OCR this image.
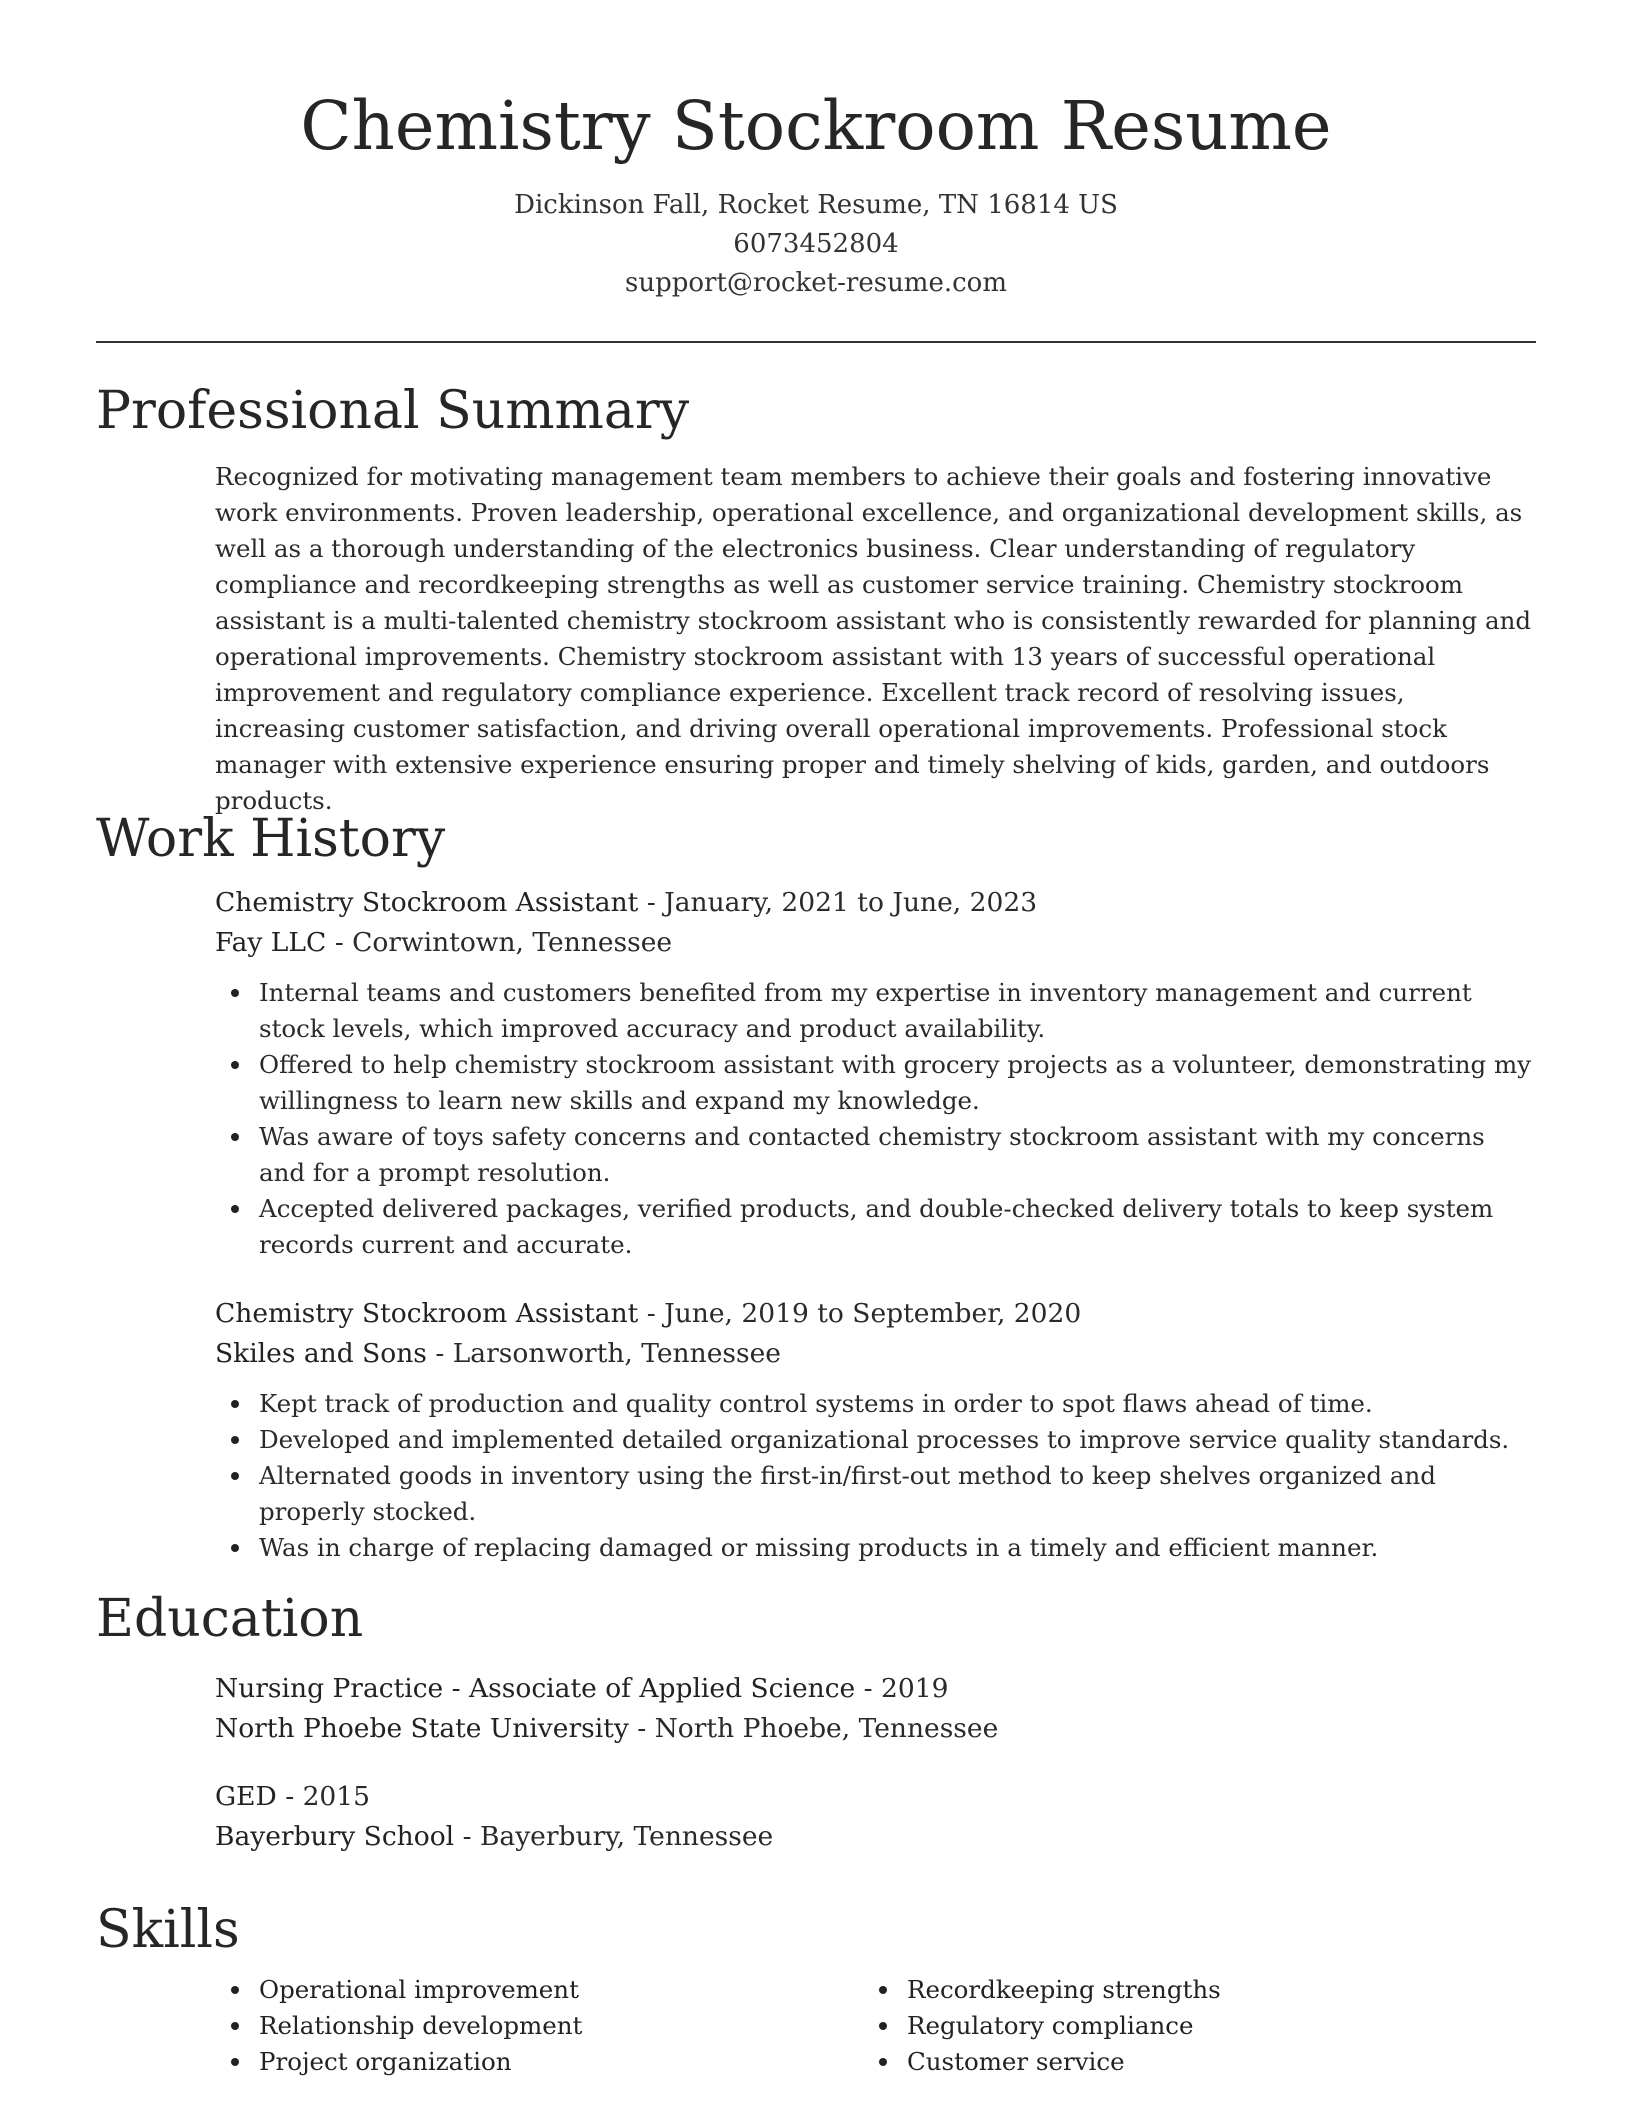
Chemistry Stockroom Resume
Dickinson Fall, Rocket Resume, TN 16814 US
6073452804
support@rocket-resume.com
Professional Summary

Recognized for motivating management team members to achieve their goals and fostering innovative work environments. Proven leadership, operational excellence, and organizational development skills, as well as a thorough understanding of the electronics business. Clear understanding of regulatory compliance and recordkeeping strengths as well as customer service training. Chemistry stockroom assistant is a multi-talented chemistry stockroom assistant who is consistently rewarded for planning and operational improvements. Chemistry stockroom assistant with 13 years of successful operational improvement and regulatory compliance experience. Excellent track record of resolving issues, increasing customer satisfaction, and driving overall operational improvements. Professional stock manager with extensive experience ensuring proper and timely shelving of kids, garden, and outdoors products.

Work History
Chemistry Stockroom Assistant - January, 2021 to June, 2023
Fay LLC - Corwintown, Tennessee
Internal teams and customers benefited from my expertise in inventory management and current stock levels, which improved accuracy and product availability.
Offered to help chemistry stockroom assistant with grocery projects as a volunteer, demonstrating my willingness to learn new skills and expand my knowledge.
Was aware of toys safety concerns and contacted chemistry stockroom assistant with my concerns and for a prompt resolution.
Accepted delivered packages, verified products, and double-checked delivery totals to keep system records current and accurate.
Chemistry Stockroom Assistant - June, 2019 to September, 2020
Skiles and Sons - Larsonworth, Tennessee
Kept track of production and quality control systems in order to spot flaws ahead of time.
Developed and implemented detailed organizational processes to improve service quality standards.
Alternated goods in inventory using the first-in/first-out method to keep shelves organized and properly stocked.
Was in charge of replacing damaged or missing products in a timely and efficient manner.
Education
Nursing Practice - Associate of Applied Science - 2019
North Phoebe State University - North Phoebe, Tennessee
GED - 2015
Bayerbury School - Bayerbury, Tennessee
Skills
Operational improvement
Relationship development
Project organization
Recordkeeping strengths
Regulatory compliance
Customer service
